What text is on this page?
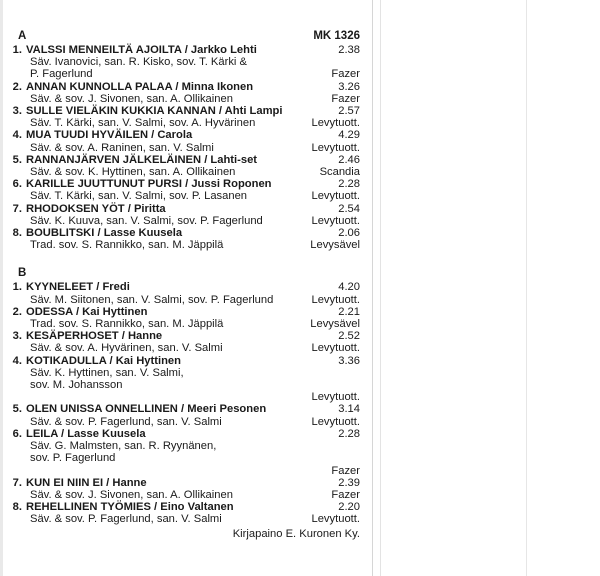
A	MK 1326
1. VALSSI MENNEILTÄ AJOILTA / Jarkko Lehti	2.38
Säv. Ivanovici, san. R. Kisko, sov. T. Kärki &
P. Fagerlund	Fazer
2. ANNAN KUNNOLLA PALAA / Minna Ikonen	3.26
Säv. & sov. J. Sivonen, san. A. Ollikainen	Fazer
3. SULLE VIELÄKIN KUKKIA KANNAN / Ahti Lampi	2.57
Säv. T. Kärki, san. V. Salmi, sov. A. Hyvärinen	Levytuott.
4. MUA TUUDI HYVÄILEN / Carola	4.29
Säv. & sov. A. Raninen, san. V. Salmi	Levytuott.
5. RANNANJÄRVEN JÄLKELÄINEN / Lahti-set	2.46
Säv. & sov. K. Hyttinen, san. A. Ollikainen	Scandia
6. KARILLE JUUTTUNUT PURSI / Jussi Roponen	2.28
Säv. T. Kärki, san. V. Salmi, sov. P. Lasanen	Levytuott.
7. RHODOKSEN YÖT / Piritta	2.54
Säv. K. Kuuva, san. V. Salmi, sov. P. Fagerlund	Levytuott.
8. BOUBLITSKI / Lasse Kuusela	2.06
Trad. sov. S. Rannikko, san. M. Jäppilä	Levysävel
B
1. KYYNELEET / Fredi	4.20
Säv. M. Siitonen, san. V. Salmi, sov. P. Fagerlund	Levytuott.
2. ODESSA / Kai Hyttinen	2.21
Trad. sov. S. Rannikko, san. M. Jäppilä	Levysävel
3. KESÄPERHOSET / Hanne	2.52
Säv. & sov. A. Hyvärinen, san. V. Salmi	Levytuott.
4. KOTIKADULLA / Kai Hyttinen	3.36
Säv. K. Hyttinen, san. V. Salmi,
sov. M. Johansson
Levytuott.
5. OLEN UNISSA ONNELLINEN / Meeri Pesonen	3.14
Säv. & sov. P. Fagerlund, san. V. Salmi	Levytuott.
6. LEILA / Lasse Kuusela	2.28
Säv. G. Malmsten, san. R. Ryynänen,
sov. P. Fagerlund
Fazer
7. KUN EI NIIN EI / Hanne	2.39
Säv. & sov. J. Sivonen, san. A. Ollikainen	Fazer
8. REHELLINEN TYÖMIES / Eino Valtanen	2.20
Säv. & sov. P. Fagerlund, san. V. Salmi	Levytuott.
Kirjapaino E. Kuronen Ky.
